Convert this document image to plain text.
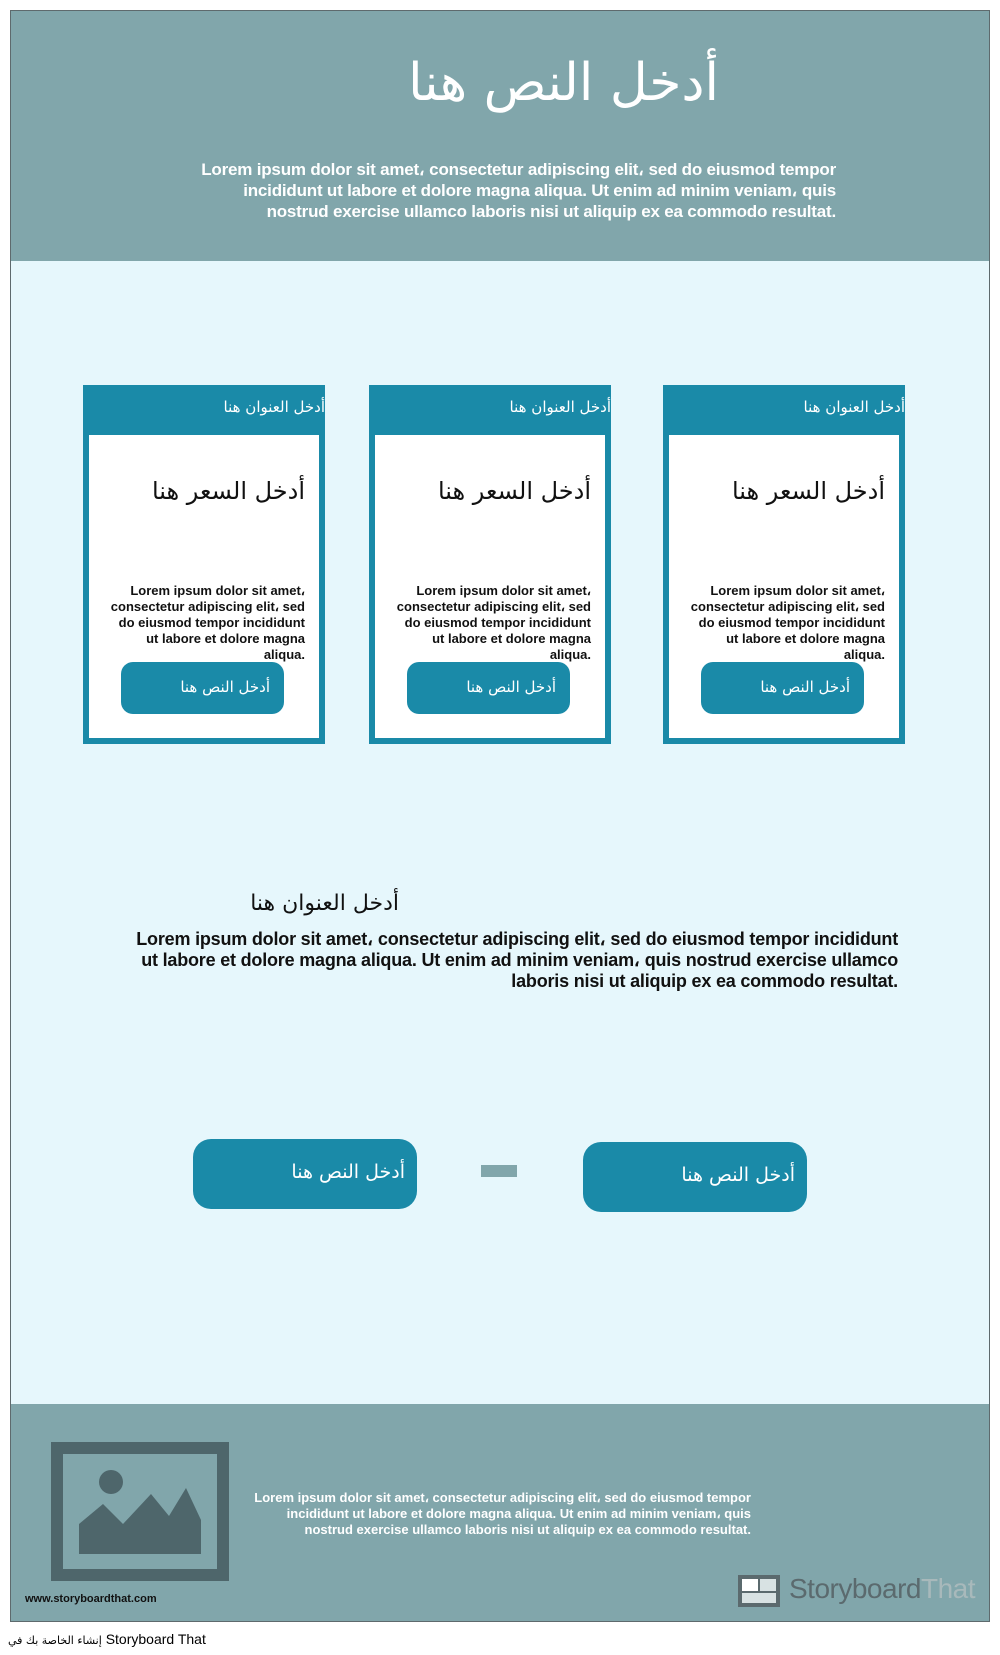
أدخل النص هنا
Lorem ipsum dolor sit amet، consectetur adipiscing elit، sed do eiusmod tempor incididunt ut labore et dolore magna aliqua. Ut enim ad minim veniam، quis nostrud exercise ullamco laboris nisi ut aliquip ex ea commodo resultat.
أدخل العنوان هنا
أدخل السعر هنا
Lorem ipsum dolor sit amet، consectetur adipiscing elit، sed do eiusmod tempor incididunt ut labore et dolore magna aliqua.
أدخل النص هنا
أدخل العنوان هنا
أدخل السعر هنا
Lorem ipsum dolor sit amet، consectetur adipiscing elit، sed do eiusmod tempor incididunt ut labore et dolore magna aliqua.
أدخل النص هنا
أدخل العنوان هنا
أدخل السعر هنا
Lorem ipsum dolor sit amet، consectetur adipiscing elit، sed do eiusmod tempor incididunt ut labore et dolore magna aliqua.
أدخل النص هنا
أدخل العنوان هنا
Lorem ipsum dolor sit amet، consectetur adipiscing elit، sed do eiusmod tempor incididunt ut labore et dolore magna aliqua. Ut enim ad minim veniam، quis nostrud exercise ullamco laboris nisi ut aliquip ex ea commodo resultat.
أدخل النص هنا	أدخل النص هنا
Lorem ipsum dolor sit amet، consectetur adipiscing elit، sed do eiusmod tempor incididunt ut labore et dolore magna aliqua. Ut enim ad minim veniam، quis nostrud exercise ullamco laboris nisi ut aliquip ex ea commodo resultat.
www.storyboardthat.com	StoryboardThat
إنشاء الخاصة بك في Storyboard That
